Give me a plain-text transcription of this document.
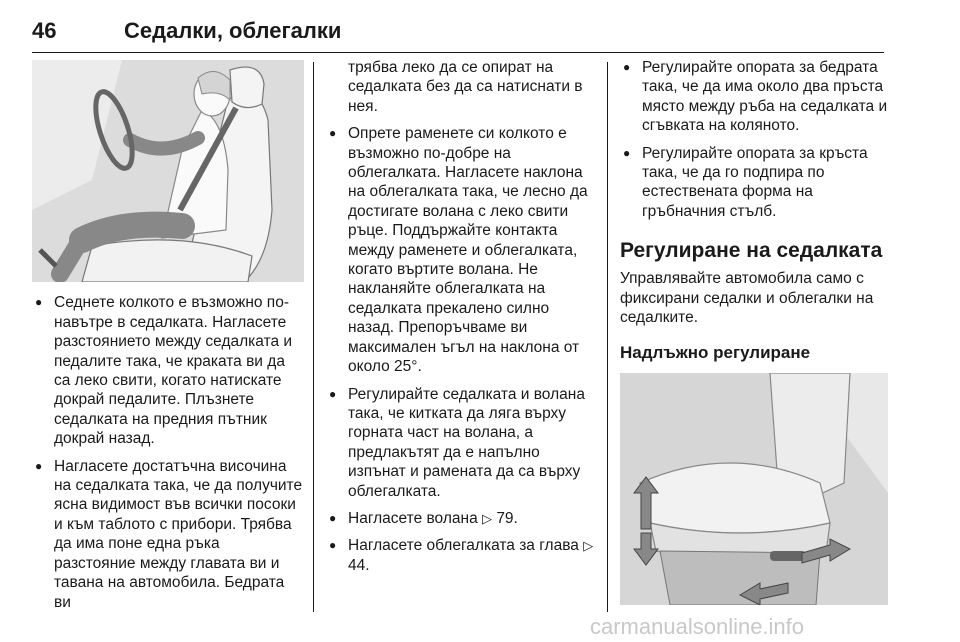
46	Седалки, облегалки
● Седнете колкото е възможно по-навътре в седалката. Нагласете разстоянието между седалката и педалите така, че краката ви да са леко свити, когато натискате докрай педалите. Плъзнете седалката на предния пътник докрай назад.
● Нагласете достатъчна височина на седалката така, че да получите ясна видимост във всички посоки и към таблото с прибори. Трябва да има поне една ръка разстояние между главата ви и тавана на автомобила. Бедрата ви

трябва леко да се опират на седалката без да са натиснати в нея.

● Опрете раменете си колкото е възможно по-добре на облегалката. Нагласете наклона на облегалката така, че лесно да достигате волана с леко свити ръце. Поддържайте контакта между раменете и облегалката, когато въртите волана. Не накланяйте облегалката на седалката прекалено силно назад. Препоръчваме ви максимален ъгъл на наклона от около 25°.
● Регулирайте седалката и волана така, че китката да лягa върху горната част на волана, а предлакътят да е напълно изпънат и рамената да са върху облегалката.
● Нагласете волана ▷ 79.
● Нагласете облегалката за глава ▷ 44.
● Регулирайте опората за бедрата така, че да има около два пръста място между ръба на седалката и сгъвката на коляното.
● Регулирайте опората за кръста така, че да го подпира по естествената форма на гръбначния стълб.
Регулиране на седалката

Управлявайте автомобила само с фиксирани седалки и облегалки на седалките.

Надлъжно регулиране
carmanualsonline.info
